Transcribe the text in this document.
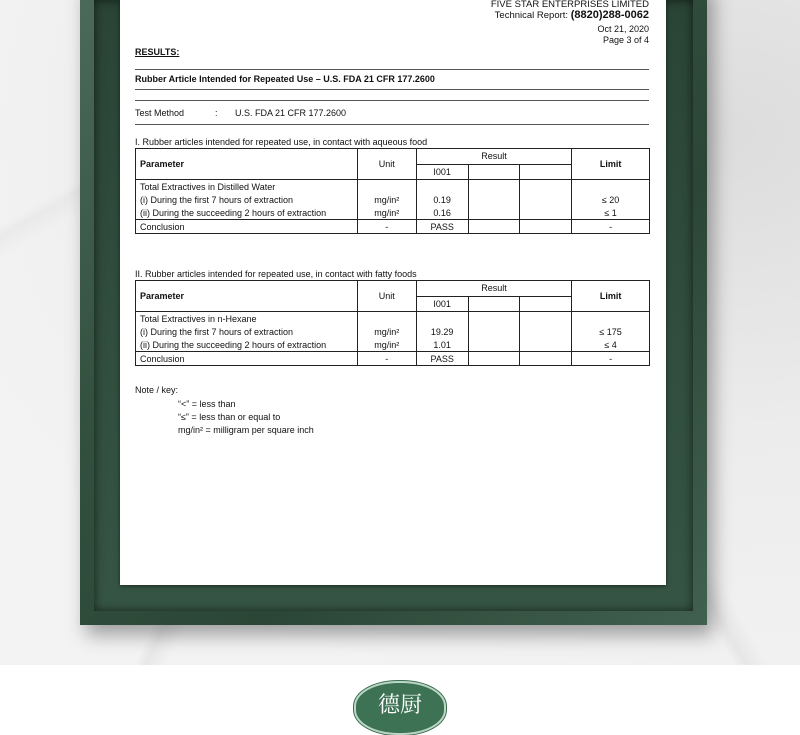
FIVE STAR ENTERPRISES LIMITED
Technical Report: (8820)288-0062
Oct 21, 2020
Page 3 of 4
RESULTS:
Rubber Article Intended for Repeated Use – U.S. FDA 21 CFR 177.2600
Test Method	: U.S. FDA 21 CFR 177.2600
I. Rubber articles intended for repeated use, in contact with aqueous food
Parameter	Unit	Result			Limit
		I001			
Total Extractives in Distilled Water					
(i) During the first 7 hours of extraction	mg/in²	0.19			≤ 20
(ii) During the succeeding 2 hours of extraction	mg/in²	0.16			≤ 1
Conclusion	-	PASS			-
II. Rubber articles intended for repeated use, in contact with fatty foods
Parameter	Unit	Result			Limit
		I001			
Total Extractives in n-Hexane					
(i) During the first 7 hours of extraction	mg/in²	19.29			≤ 175
(ii) During the succeeding 2 hours of extraction	mg/in²	1.01			≤ 4
Conclusion	-	PASS			-
Note / key:
“<” = less than
“≤” = less than or equal to
mg/in² = milligram per square inch
德厨
